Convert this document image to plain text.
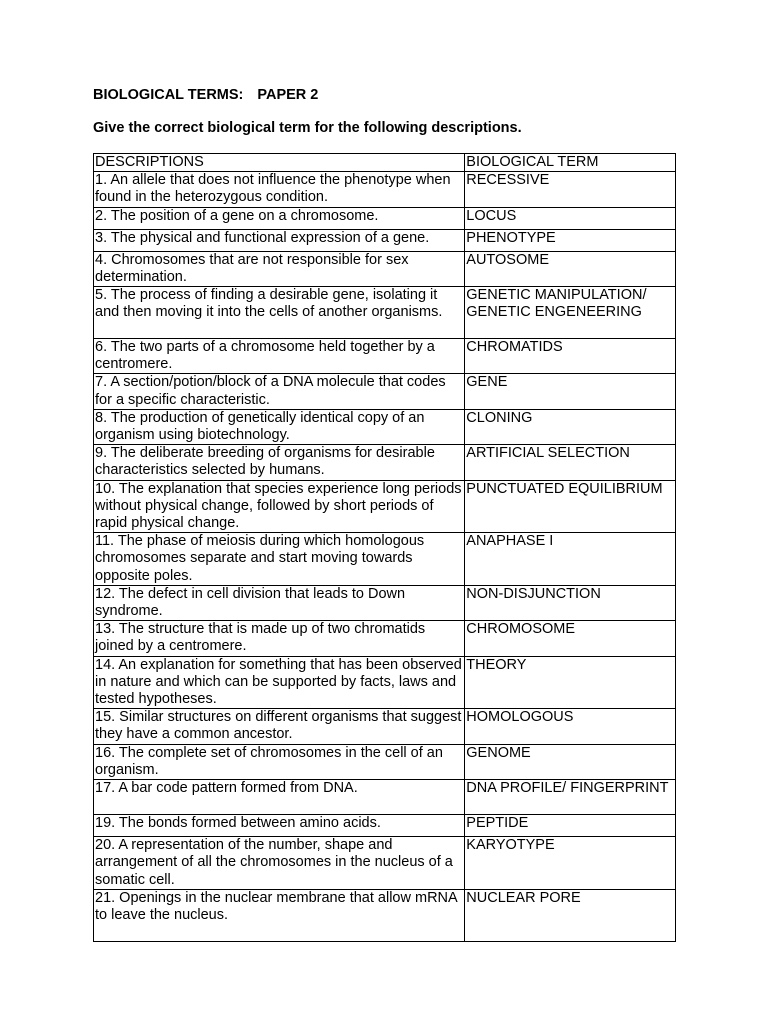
BIOLOGICAL TERMS: PAPER 2
Give the correct biological term for the following descriptions.
DESCRIPTIONS	BIOLOGICAL TERM
1. An allele that does not influence the phenotype when found in the heterozygous condition.	RECESSIVE
2. The position of a gene on a chromosome.	LOCUS
3. The physical and functional expression of a gene.	PHENOTYPE
4. Chromosomes that are not responsible for sex determination.	AUTOSOME
5. The process of finding a desirable gene, isolating it and then moving it into the cells of another organisms.	GENETIC MANIPULATION/ GENETIC ENGENEERING
6. The two parts of a chromosome held together by a centromere.	CHROMATIDS
7. A section/potion/block of a DNA molecule that codes for a specific characteristic.	GENE
8. The production of genetically identical copy of an organism using biotechnology.	CLONING
9. The deliberate breeding of organisms for desirable characteristics selected by humans.	ARTIFICIAL SELECTION
10. The explanation that species experience long periods without physical change, followed by short periods of rapid physical change.	PUNCTUATED EQUILIBRIUM
11. The phase of meiosis during which homologous chromosomes separate and start moving towards opposite poles.	ANAPHASE I
12. The defect in cell division that leads to Down syndrome.	NON-DISJUNCTION
13. The structure that is made up of two chromatids joined by a centromere.	CHROMOSOME
14. An explanation for something that has been observed in nature and which can be supported by facts, laws and tested hypotheses.	THEORY
15. Similar structures on different organisms that suggest they have a common ancestor.	HOMOLOGOUS
16. The complete set of chromosomes in the cell of an organism.	GENOME
17. A bar code pattern formed from DNA.	DNA PROFILE/ FINGERPRINT
19. The bonds formed between amino acids.	PEPTIDE
20. A representation of the number, shape and arrangement of all the chromosomes in the nucleus of a somatic cell.	KARYOTYPE
21. Openings in the nuclear membrane that allow mRNA to leave the nucleus.	NUCLEAR PORE
